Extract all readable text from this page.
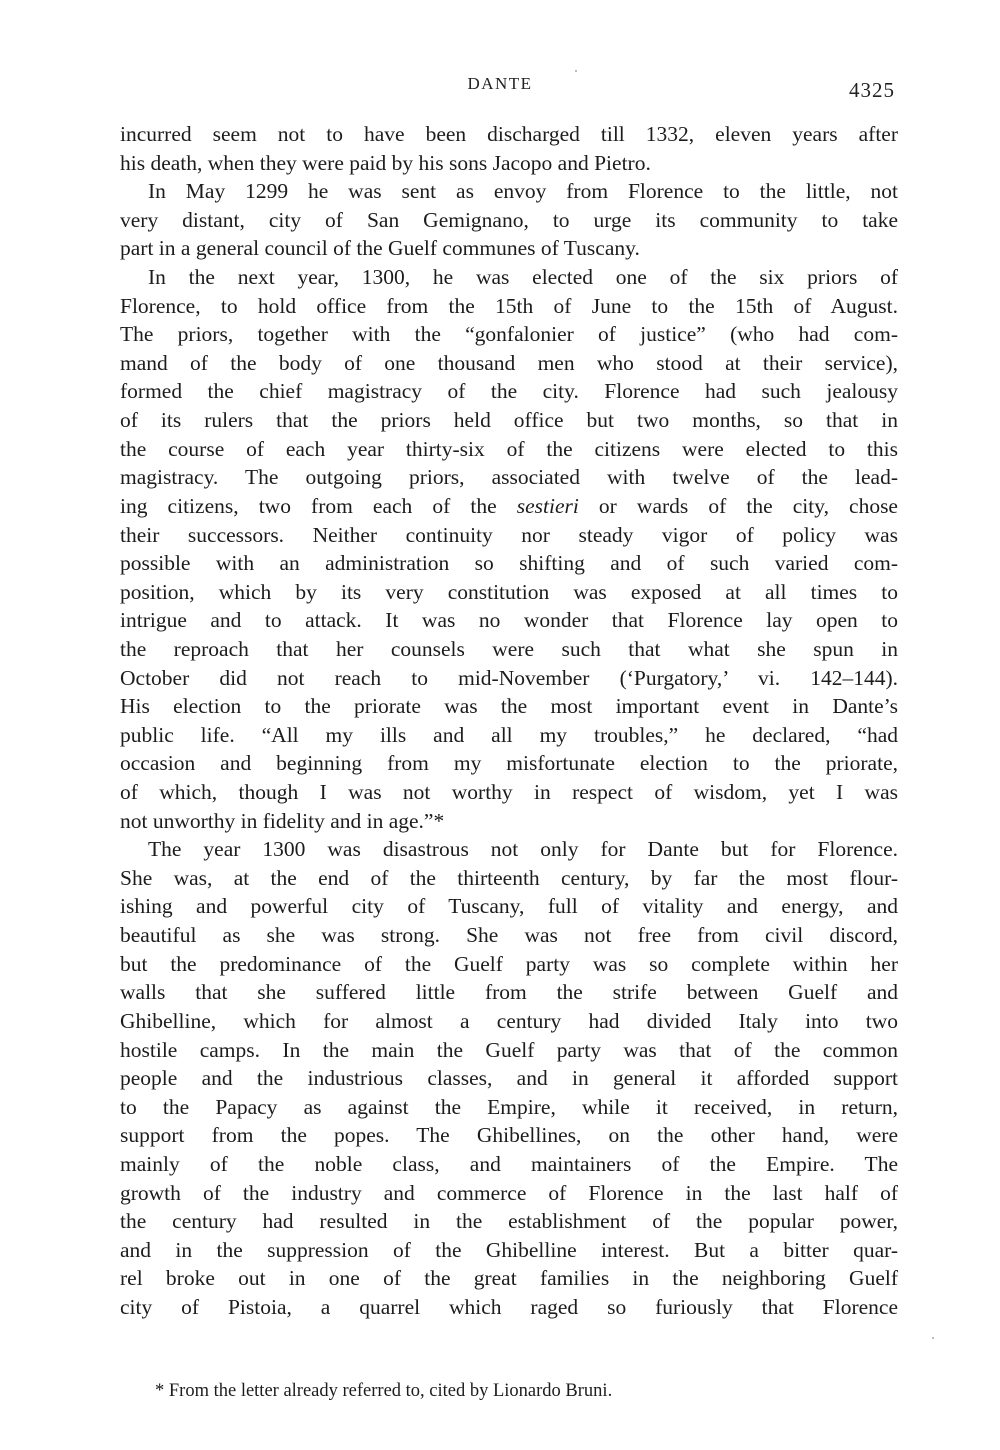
DANTE	4325
incurred seem not to have been discharged till 1332, eleven years after
his death, when they were paid by his sons Jacopo and Pietro.
In May 1299 he was sent as envoy from Florence to the little, not
very distant, city of San Gemignano, to urge its community to take
part in a general council of the Guelf communes of Tuscany.
In the next year, 1300, he was elected one of the six priors of
Florence, to hold office from the 15th of June to the 15th of August.
The priors, together with the “gonfalonier of justice” (who had com-
mand of the body of one thousand men who stood at their service),
formed the chief magistracy of the city. Florence had such jealousy
of its rulers that the priors held office but two months, so that in
the course of each year thirty-six of the citizens were elected to this
magistracy. The outgoing priors, associated with twelve of the lead-
ing citizens, two from each of the sestieri or wards of the city, chose
their successors. Neither continuity nor steady vigor of policy was
possible with an administration so shifting and of such varied com-
position, which by its very constitution was exposed at all times to
intrigue and to attack. It was no wonder that Florence lay open to
the reproach that her counsels were such that what she spun in
October did not reach to mid-November (‘Purgatory,’ vi. 142–144).
His election to the priorate was the most important event in Dante’s
public life. “All my ills and all my troubles,” he declared, “had
occasion and beginning from my misfortunate election to the priorate,
of which, though I was not worthy in respect of wisdom, yet I was
not unworthy in fidelity and in age.”*
The year 1300 was disastrous not only for Dante but for Florence.
She was, at the end of the thirteenth century, by far the most flour-
ishing and powerful city of Tuscany, full of vitality and energy, and
beautiful as she was strong. She was not free from civil discord,
but the predominance of the Guelf party was so complete within her
walls that she suffered little from the strife between Guelf and
Ghibelline, which for almost a century had divided Italy into two
hostile camps. In the main the Guelf party was that of the common
people and the industrious classes, and in general it afforded support
to the Papacy as against the Empire, while it received, in return,
support from the popes. The Ghibellines, on the other hand, were
mainly of the noble class, and maintainers of the Empire. The
growth of the industry and commerce of Florence in the last half of
the century had resulted in the establishment of the popular power,
and in the suppression of the Ghibelline interest. But a bitter quar-
rel broke out in one of the great families in the neighboring Guelf
city of Pistoia, a quarrel which raged so furiously that Florence
* From the letter already referred to, cited by Lionardo Bruni.
